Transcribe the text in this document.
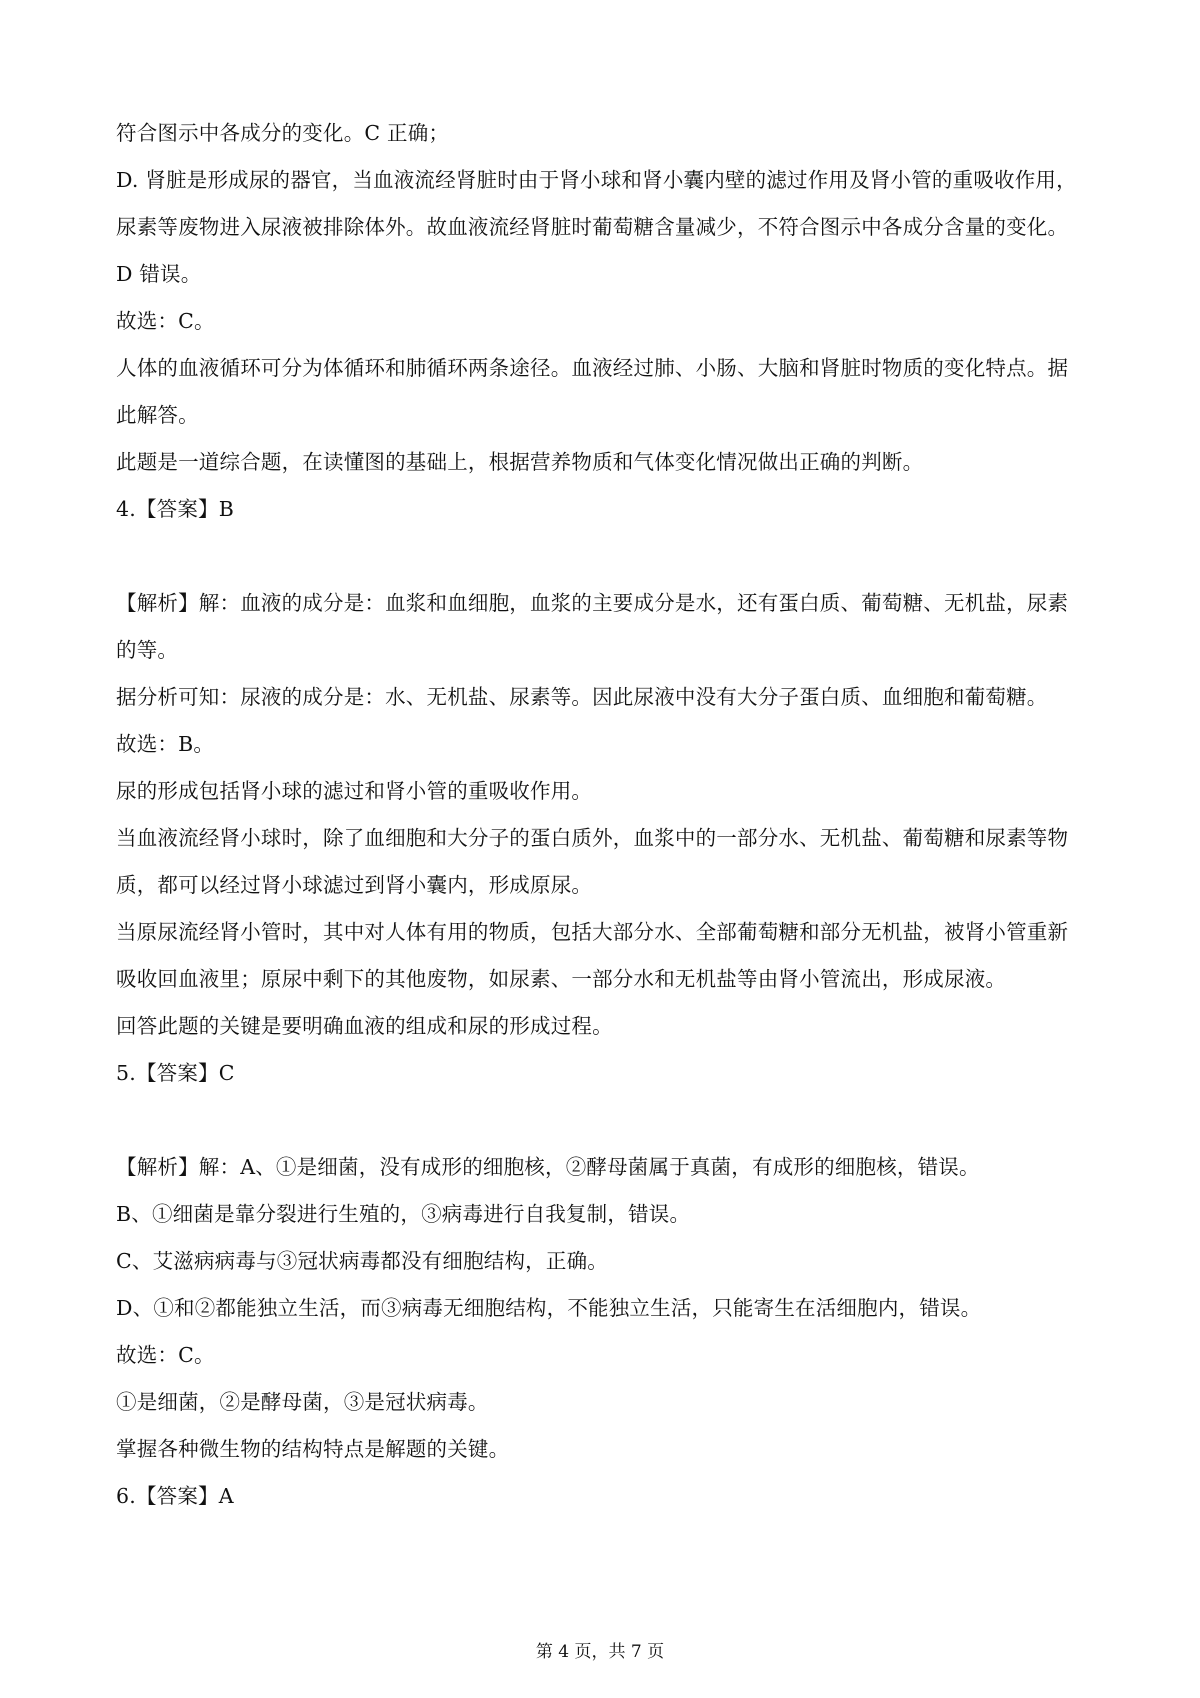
符合图示中各成分的变化。C 正确；
D. 肾脏是形成尿的器官，当血液流经肾脏时由于肾小球和肾小囊内壁的滤过作用及肾小管的重吸收作用，
尿素等废物进入尿液被排除体外。故血液流经肾脏时葡萄糖含量减少，不符合图示中各成分含量的变化。
D 错误。
故选：C。
人体的血液循环可分为体循环和肺循环两条途径。血液经过肺、小肠、大脑和肾脏时物质的变化特点。据
此解答。
此题是一道综合题，在读懂图的基础上，根据营养物质和气体变化情况做出正确的判断。
4.【答案】B
【解析】解：血液的成分是：血浆和血细胞，血浆的主要成分是水，还有蛋白质、葡萄糖、无机盐，尿素
的等。
据分析可知：尿液的成分是：水、无机盐、尿素等。因此尿液中没有大分子蛋白质、血细胞和葡萄糖。
故选：B。
尿的形成包括肾小球的滤过和肾小管的重吸收作用。
当血液流经肾小球时，除了血细胞和大分子的蛋白质外，血浆中的一部分水、无机盐、葡萄糖和尿素等物
质，都可以经过肾小球滤过到肾小囊内，形成原尿。
当原尿流经肾小管时，其中对人体有用的物质，包括大部分水、全部葡萄糖和部分无机盐，被肾小管重新
吸收回血液里；原尿中剩下的其他废物，如尿素、一部分水和无机盐等由肾小管流出，形成尿液。
回答此题的关键是要明确血液的组成和尿的形成过程。
5.【答案】C
【解析】解：A、①是细菌，没有成形的细胞核，②酵母菌属于真菌，有成形的细胞核，错误。
B、①细菌是靠分裂进行生殖的，③病毒进行自我复制，错误。
C、艾滋病病毒与③冠状病毒都没有细胞结构，正确。
D、①和②都能独立生活，而③病毒无细胞结构，不能独立生活，只能寄生在活细胞内，错误。
故选：C。
①是细菌，②是酵母菌，③是冠状病毒。
掌握各种微生物的结构特点是解题的关键。
6.【答案】A
第 4 页，共 7 页
